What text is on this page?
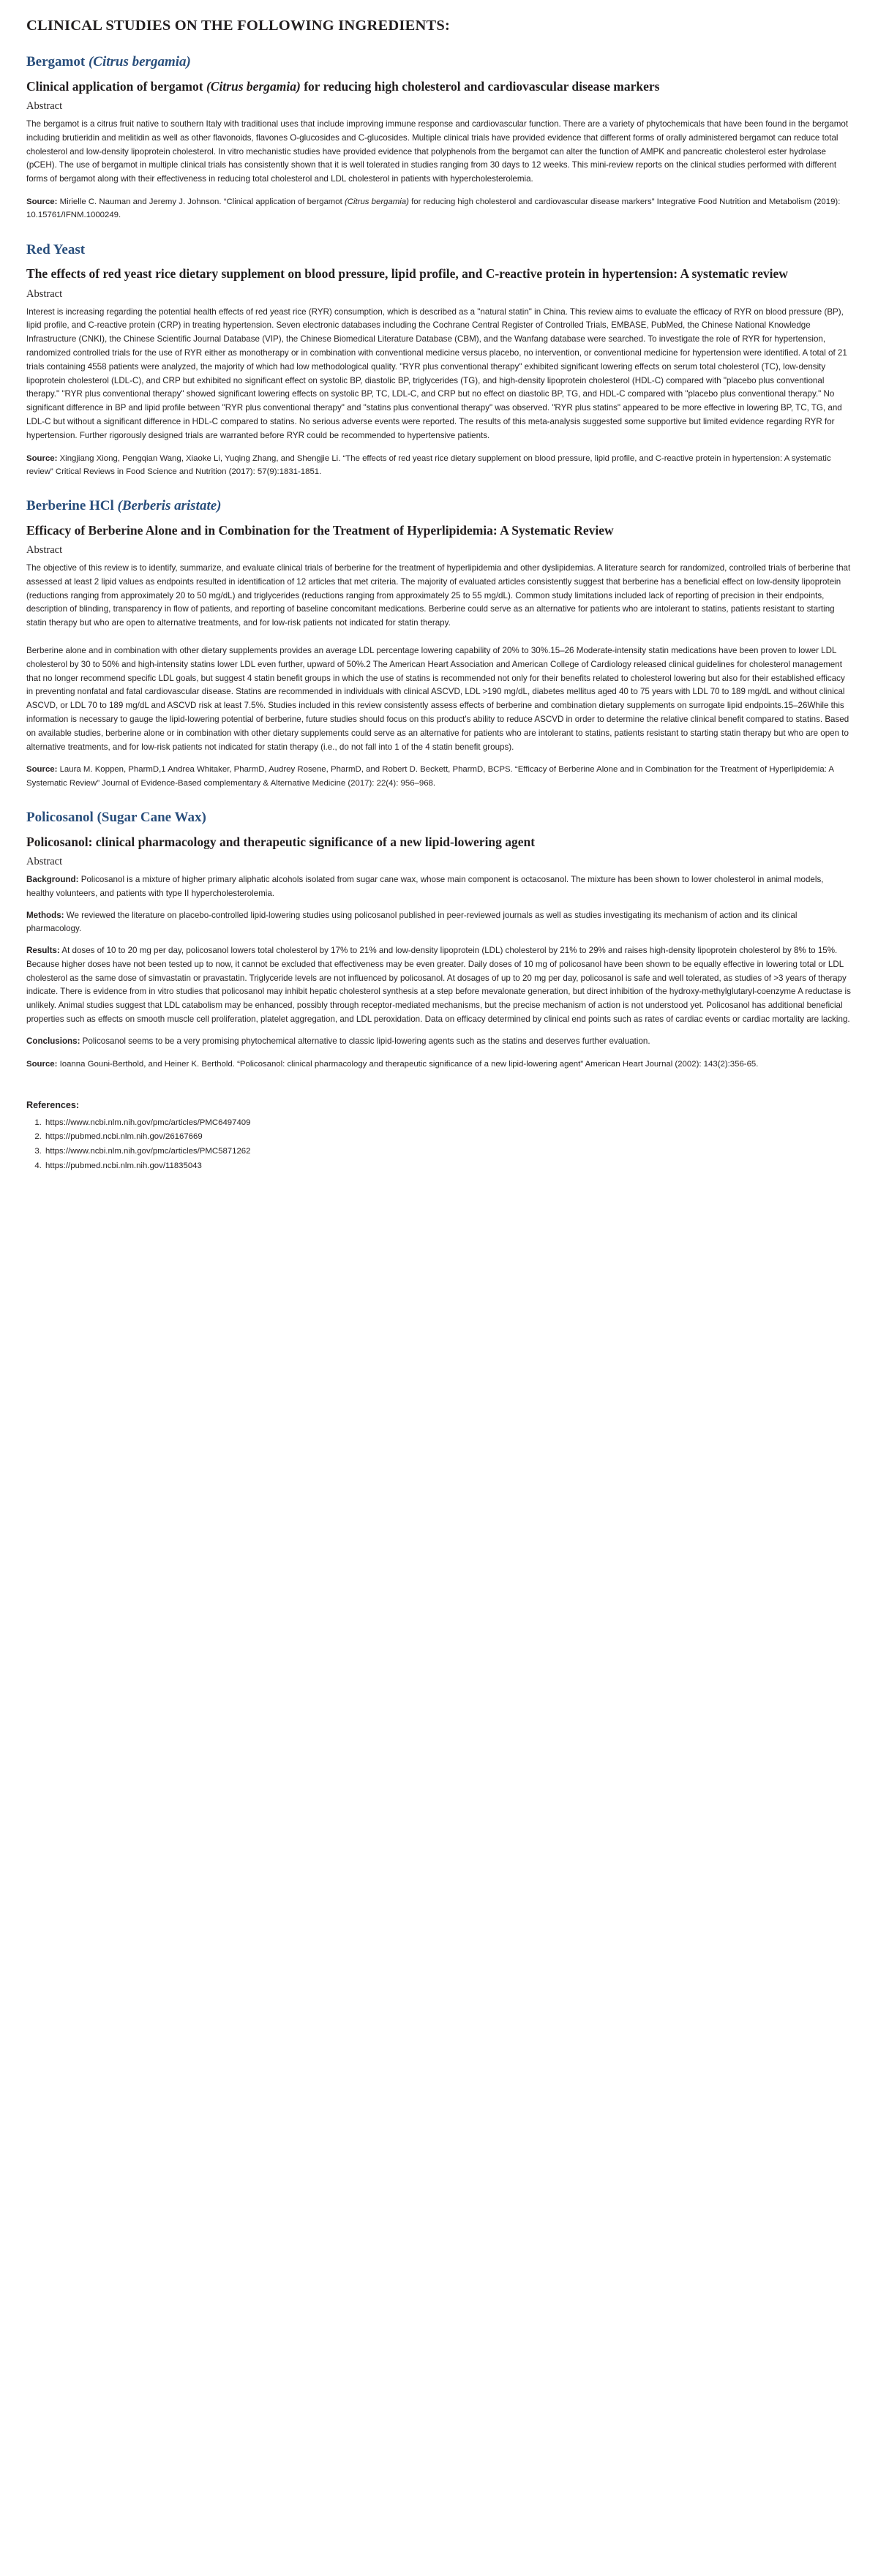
CLINICAL STUDIES ON THE FOLLOWING INGREDIENTS:
Bergamot (Citrus bergamia)
Clinical application of bergamot (Citrus bergamia) for reducing high cholesterol and cardiovascular disease markers
Abstract

The bergamot is a citrus fruit native to southern Italy with traditional uses that include improving immune response and cardiovascular function. There are a variety of phytochemicals that have been found in the bergamot including brutieridin and melitidin as well as other flavonoids, flavones O-glucosides and C-glucosides. Multiple clinical trials have provided evidence that different forms of orally administered bergamot can reduce total cholesterol and low-density lipoprotein cholesterol. In vitro mechanistic studies have provided evidence that polyphenols from the bergamot can alter the function of AMPK and pancreatic cholesterol ester hydrolase (pCEH). The use of bergamot in multiple clinical trials has consistently shown that it is well tolerated in studies ranging from 30 days to 12 weeks. This mini-review reports on the clinical studies performed with different forms of bergamot along with their effectiveness in reducing total cholesterol and LDL cholesterol in patients with hypercholesterolemia.

Source: Mirielle C. Nauman and Jeremy J. Johnson. “Clinical application of bergamot (Citrus bergamia) for reducing high cholesterol and cardiovascular disease markers” Integrative Food Nutrition and Metabolism (2019): 10.15761/IFNM.1000249.

Red Yeast
The effects of red yeast rice dietary supplement on blood pressure, lipid profile, and C-reactive protein in hypertension: A systematic review
Abstract

Interest is increasing regarding the potential health effects of red yeast rice (RYR) consumption, which is described as a "natural statin" in China. This review aims to evaluate the efficacy of RYR on blood pressure (BP), lipid profile, and C-reactive protein (CRP) in treating hypertension. Seven electronic databases including the Cochrane Central Register of Controlled Trials, EMBASE, PubMed, the Chinese National Knowledge Infrastructure (CNKI), the Chinese Scientific Journal Database (VIP), the Chinese Biomedical Literature Database (CBM), and the Wanfang database were searched. To investigate the role of RYR for hypertension, randomized controlled trials for the use of RYR either as monotherapy or in combination with conventional medicine versus placebo, no intervention, or conventional medicine for hypertension were identified. A total of 21 trials containing 4558 patients were analyzed, the majority of which had low methodological quality. "RYR plus conventional therapy" exhibited significant lowering effects on serum total cholesterol (TC), low-density lipoprotein cholesterol (LDL-C), and CRP but exhibited no significant effect on systolic BP, diastolic BP, triglycerides (TG), and high-density lipoprotein cholesterol (HDL-C) compared with "placebo plus conventional therapy." "RYR plus conventional therapy" showed significant lowering effects on systolic BP, TC, LDL-C, and CRP but no effect on diastolic BP, TG, and HDL-C compared with "placebo plus conventional therapy." No significant difference in BP and lipid profile between "RYR plus conventional therapy" and "statins plus conventional therapy" was observed. "RYR plus statins" appeared to be more effective in lowering BP, TC, TG, and LDL-C but without a significant difference in HDL-C compared to statins. No serious adverse events were reported. The results of this meta-analysis suggested some supportive but limited evidence regarding RYR for hypertension. Further rigorously designed trials are warranted before RYR could be recommended to hypertensive patients.

Source: Xingjiang Xiong, Pengqian Wang, Xiaoke Li, Yuqing Zhang, and Shengjie Li. “The effects of red yeast rice dietary supplement on blood pressure, lipid profile, and C-reactive protein in hypertension: A systematic review” Critical Reviews in Food Science and Nutrition (2017): 57(9):1831-1851.

Berberine HCl (Berberis aristate)
Efficacy of Berberine Alone and in Combination for the Treatment of Hyperlipidemia: A Systematic Review
Abstract

The objective of this review is to identify, summarize, and evaluate clinical trials of berberine for the treatment of hyperlipidemia and other dyslipidemias. A literature search for randomized, controlled trials of berberine that assessed at least 2 lipid values as endpoints resulted in identification of 12 articles that met criteria. The majority of evaluated articles consistently suggest that berberine has a beneficial effect on low-density lipoprotein (reductions ranging from approximately 20 to 50 mg/dL) and triglycerides (reductions ranging from approximately 25 to 55 mg/dL). Common study limitations included lack of reporting of precision in their endpoints, description of blinding, transparency in flow of patients, and reporting of baseline concomitant medications. Berberine could serve as an alternative for patients who are intolerant to statins, patients resistant to starting statin therapy but who are open to alternative treatments, and for low-risk patients not indicated for statin therapy.

Berberine alone and in combination with other dietary supplements provides an average LDL percentage lowering capability of 20% to 30%.15–26 Moderate-intensity statin medications have been proven to lower LDL cholesterol by 30 to 50% and high-intensity statins lower LDL even further, upward of 50%.2 The American Heart Association and American College of Cardiology released clinical guidelines for cholesterol management that no longer recommend specific LDL goals, but suggest 4 statin benefit groups in which the use of statins is recommended not only for their benefits related to cholesterol lowering but also for their established efficacy in preventing nonfatal and fatal cardiovascular disease. Statins are recommended in individuals with clinical ASCVD, LDL >190 mg/dL, diabetes mellitus aged 40 to 75 years with LDL 70 to 189 mg/dL and without clinical ASCVD, or LDL 70 to 189 mg/dL and ASCVD risk at least 7.5%. Studies included in this review consistently assess effects of berberine and combination dietary supplements on surrogate lipid endpoints.15–26While this information is necessary to gauge the lipid-lowering potential of berberine, future studies should focus on this product's ability to reduce ASCVD in order to determine the relative clinical benefit compared to statins. Based on available studies, berberine alone or in combination with other dietary supplements could serve as an alternative for patients who are intolerant to statins, patients resistant to starting statin therapy but who are open to alternative treatments, and for low-risk patients not indicated for statin therapy (i.e., do not fall into 1 of the 4 statin benefit groups).

Source: Laura M. Koppen, PharmD,1 Andrea Whitaker, PharmD, Audrey Rosene, PharmD, and Robert D. Beckett, PharmD, BCPS. “Efficacy of Berberine Alone and in Combination for the Treatment of Hyperlipidemia: A Systematic Review” Journal of Evidence-Based complementary & Alternative Medicine (2017): 22(4): 956–968.

Policosanol (Sugar Cane Wax)
Policosanol: clinical pharmacology and therapeutic significance of a new lipid-lowering agent
Abstract

Background: Policosanol is a mixture of higher primary aliphatic alcohols isolated from sugar cane wax, whose main component is octacosanol. The mixture has been shown to lower cholesterol in animal models, healthy volunteers, and patients with type II hypercholesterolemia.

Methods: We reviewed the literature on placebo-controlled lipid-lowering studies using policosanol published in peer-reviewed journals as well as studies investigating its mechanism of action and its clinical pharmacology.

Results: At doses of 10 to 20 mg per day, policosanol lowers total cholesterol by 17% to 21% and low-density lipoprotein (LDL) cholesterol by 21% to 29% and raises high-density lipoprotein cholesterol by 8% to 15%. Because higher doses have not been tested up to now, it cannot be excluded that effectiveness may be even greater. Daily doses of 10 mg of policosanol have been shown to be equally effective in lowering total or LDL cholesterol as the same dose of simvastatin or pravastatin. Triglyceride levels are not influenced by policosanol. At dosages of up to 20 mg per day, policosanol is safe and well tolerated, as studies of >3 years of therapy indicate. There is evidence from in vitro studies that policosanol may inhibit hepatic cholesterol synthesis at a step before mevalonate generation, but direct inhibition of the hydroxy-methylglutaryl-coenzyme A reductase is unlikely. Animal studies suggest that LDL catabolism may be enhanced, possibly through receptor-mediated mechanisms, but the precise mechanism of action is not understood yet. Policosanol has additional beneficial properties such as effects on smooth muscle cell proliferation, platelet aggregation, and LDL peroxidation. Data on efficacy determined by clinical end points such as rates of cardiac events or cardiac mortality are lacking.

Conclusions: Policosanol seems to be a very promising phytochemical alternative to classic lipid-lowering agents such as the statins and deserves further evaluation.

Source: Ioanna Gouni-Berthold, and Heiner K. Berthold. “Policosanol: clinical pharmacology and therapeutic significance of a new lipid-lowering agent” American Heart Journal (2002): 143(2):356-65.

References:
1. https://www.ncbi.nlm.nih.gov/pmc/articles/PMC6497409
2. https://pubmed.ncbi.nlm.nih.gov/26167669
3. https://www.ncbi.nlm.nih.gov/pmc/articles/PMC5871262
4. https://pubmed.ncbi.nlm.nih.gov/11835043
